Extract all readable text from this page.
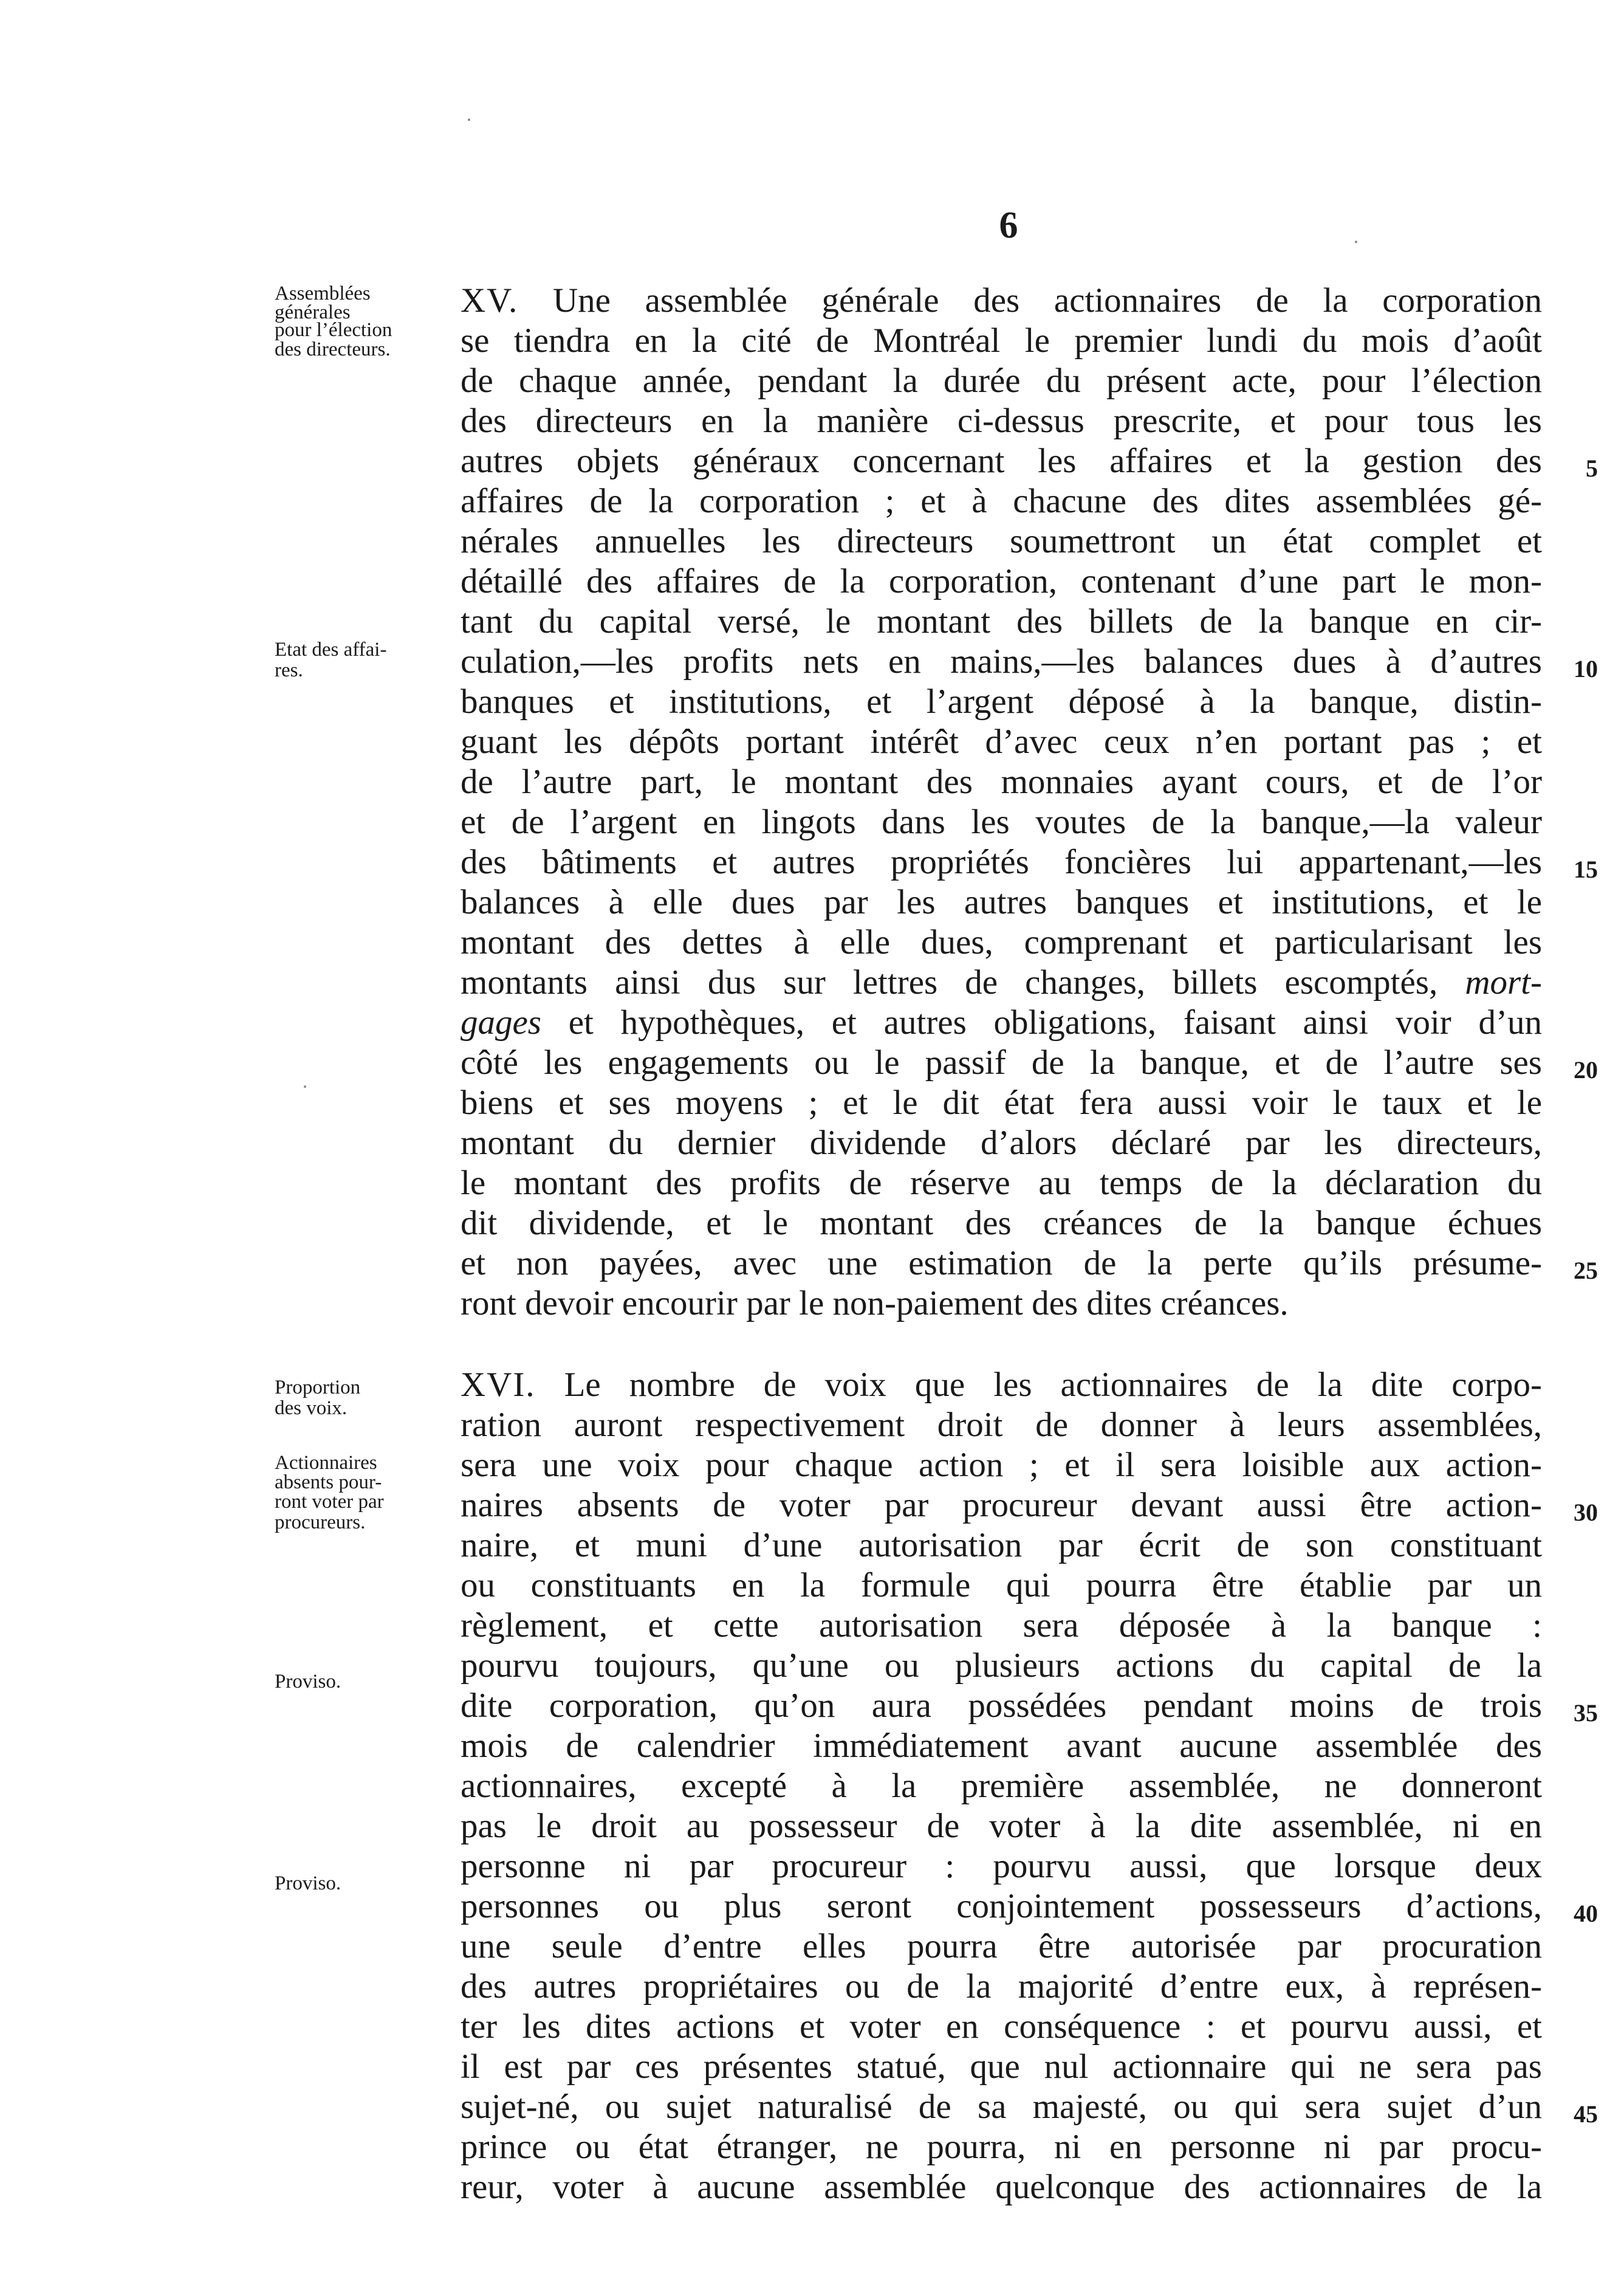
6
Assemblées
générales
pour l’élection
des directeurs.
Etat des affai-
res.
Proportion
des voix.
Actionnaires
absents pour-
ront voter par
procureurs.
Proviso.
Proviso.
XV. Une assemblée générale des actionnaires de la corporation
se tiendra en la cité de Montréal le premier lundi du mois d’août
de chaque année, pendant la durée du présent acte, pour l’élection
des directeurs en la manière ci-dessus prescrite, et pour tous les
autres objets généraux concernant les affaires et la gestion des
affaires de la corporation ; et à chacune des dites assemblées gé-
nérales annuelles les directeurs soumettront un état complet et
détaillé des affaires de la corporation, contenant d’une part le mon-
tant du capital versé, le montant des billets de la banque en cir-
culation,—les profits nets en mains,—les balances dues à d’autres
banques et institutions, et l’argent déposé à la banque, distin-
guant les dépôts portant intérêt d’avec ceux n’en portant pas ; et
de l’autre part, le montant des monnaies ayant cours, et de l’or
et de l’argent en lingots dans les voutes de la banque,—la valeur
des bâtiments et autres propriétés foncières lui appartenant,—les
balances à elle dues par les autres banques et institutions, et le
montant des dettes à elle dues, comprenant et particularisant les
montants ainsi dus sur lettres de changes, billets escomptés, mort-
gages et hypothèques, et autres obligations, faisant ainsi voir d’un
côté les engagements ou le passif de la banque, et de l’autre ses
biens et ses moyens ; et le dit état fera aussi voir le taux et le
montant du dernier dividende d’alors déclaré par les directeurs,
le montant des profits de réserve au temps de la déclaration du
dit dividende, et le montant des créances de la banque échues
et non payées, avec une estimation de la perte qu’ils présume-
ront devoir encourir par le non-paiement des dites créances.
XVI. Le nombre de voix que les actionnaires de la dite corpo-
ration auront respectivement droit de donner à leurs assemblées,
sera une voix pour chaque action ; et il sera loisible aux action-
naires absents de voter par procureur devant aussi être action-
naire, et muni d’une autorisation par écrit de son constituant
ou constituants en la formule qui pourra être établie par un
règlement, et cette autorisation sera déposée à la banque :
pourvu toujours, qu’une ou plusieurs actions du capital de la
dite corporation, qu’on aura possédées pendant moins de trois
mois de calendrier immédiatement avant aucune assemblée des
actionnaires, excepté à la première assemblée, ne donneront
pas le droit au possesseur de voter à la dite assemblée, ni en
personne ni par procureur : pourvu aussi, que lorsque deux
personnes ou plus seront conjointement possesseurs d’actions,
une seule d’entre elles pourra être autorisée par procuration
des autres propriétaires ou de la majorité d’entre eux, à représen-
ter les dites actions et voter en conséquence : et pourvu aussi, et
il est par ces présentes statué, que nul actionnaire qui ne sera pas
sujet-né, ou sujet naturalisé de sa majesté, ou qui sera sujet d’un
prince ou état étranger, ne pourra, ni en personne ni par procu-
reur, voter à aucune assemblée quelconque des actionnaires de la
5
10
15
20
25
30
35
40
45
